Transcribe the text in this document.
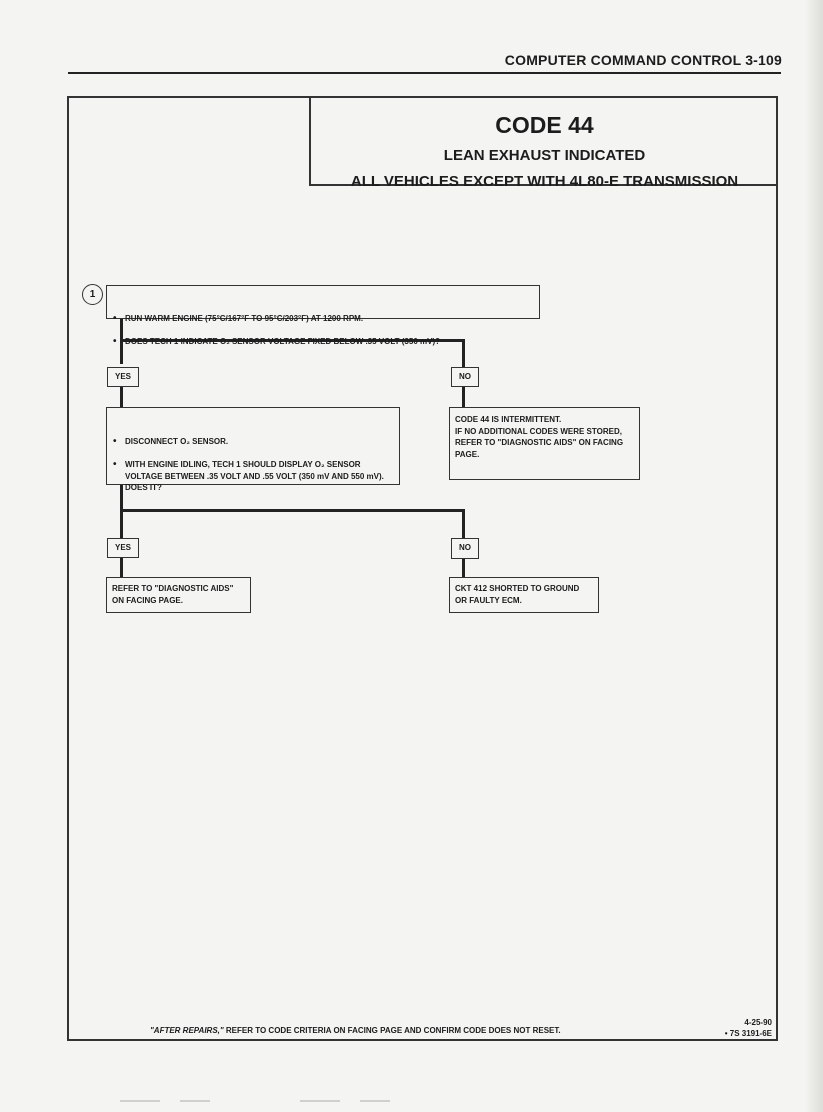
COMPUTER COMMAND CONTROL 3-109
CODE 44
LEAN EXHAUST INDICATED
ALL VEHICLES EXCEPT WITH 4L80-E TRANSMISSION
1

• RUN WARM ENGINE (75°C/167°F TO 95°C/203°F) AT 1200 RPM.

• DOES TECH 1 INDICATE O₂ SENSOR VOLTAGE FIXED BELOW .35 VOLT (350 mV)?

YES	NO

• DISCONNECT O₂ SENSOR.

• WITH ENGINE IDLING, TECH 1 SHOULD DISPLAY O₂ SENSOR VOLTAGE BETWEEN .35 VOLT AND .55 VOLT (350 mV AND 550 mV).
DOES IT?

CODE 44 IS INTERMITTENT.
IF NO ADDITIONAL CODES WERE STORED, REFER TO "DIAGNOSTIC AIDS" ON FACING PAGE.
YES	NO
REFER TO "DIAGNOSTIC AIDS" ON FACING PAGE.
CKT 412 SHORTED TO GROUND OR FAULTY ECM.
"AFTER REPAIRS," REFER TO CODE CRITERIA ON FACING PAGE AND CONFIRM CODE DOES NOT RESET.
4-25-90
• 7S 3191-6E
